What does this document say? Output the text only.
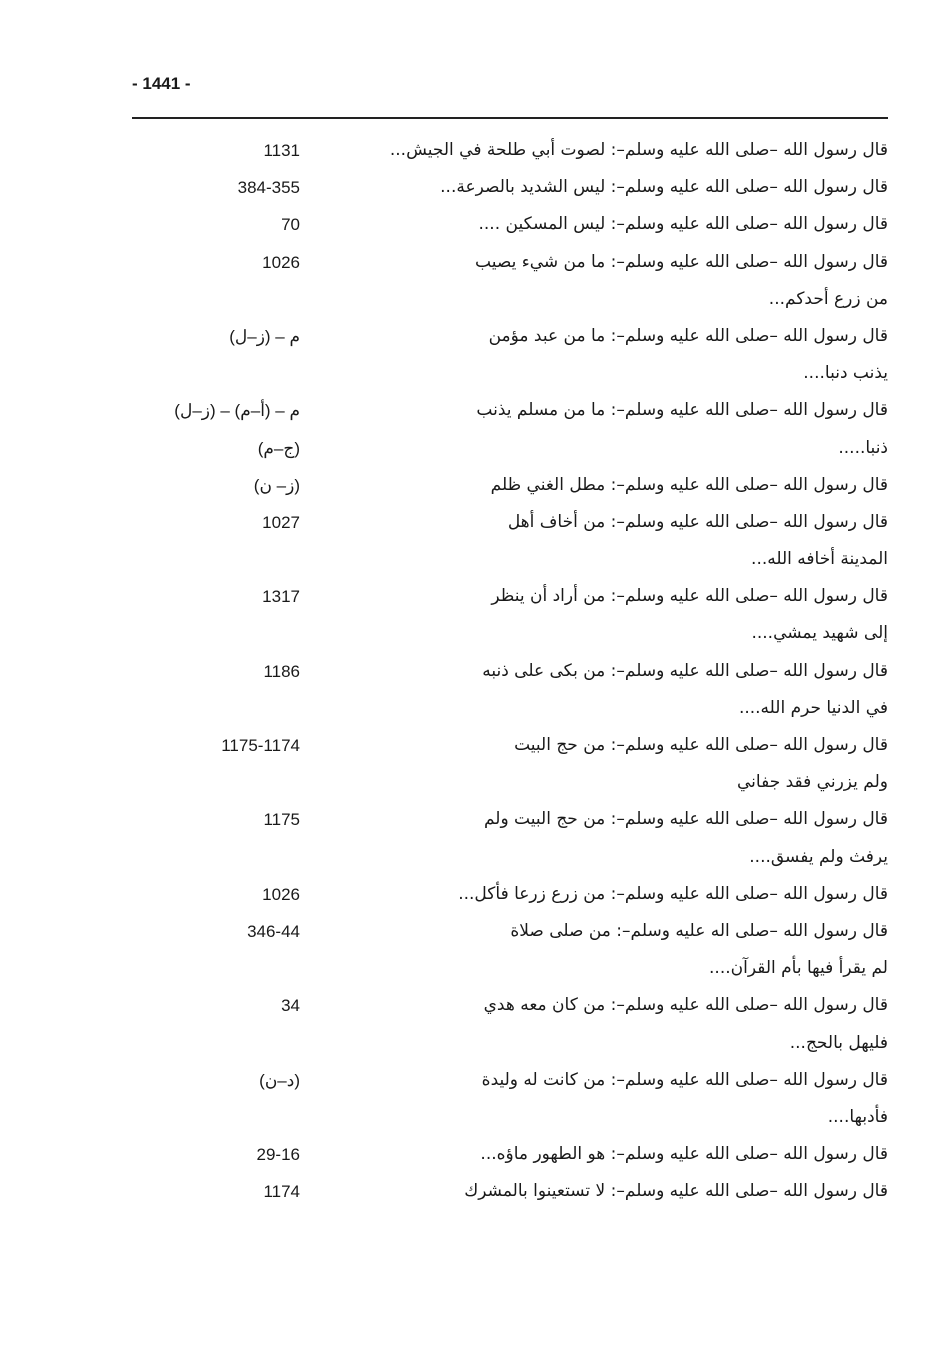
- 1441 -
قال رسول الله –صلى الله عليه وسلم–: لصوت أبي طلحة في الجيش...
1131
قال رسول الله –صلى الله عليه وسلم–: ليس الشديد بالصرعة...
384-355
قال رسول الله –صلى الله عليه وسلم–: ليس المسكين ....
70
قال رسول الله –صلى الله عليه وسلم–: ما من شيء يصيب
1026
من زرع أحدكم...
قال رسول الله –صلى الله عليه وسلم–: ما من عبد مؤمن
(ز–ل) – م
يذنب دنبا....
قال رسول الله –صلى الله عليه وسلم–: ما من مسلم يذنب
(ز–ل) – م – (أ–م)
ذنبا.....
(ج–م)
قال رسول الله –صلى الله عليه وسلم–: مطل الغني ظلم
(ز– ن)
قال رسول الله –صلى الله عليه وسلم–: من أخاف أهل
1027
المدينة أخافه الله...
قال رسول الله –صلى الله عليه وسلم–: من أراد أن ينظر
1317
إلى شهيد يمشي....
قال رسول الله –صلى الله عليه وسلم–: من بكى على ذنبه
1186
في الدنيا حرم الله....
قال رسول الله –صلى الله عليه وسلم–: من حج البيت
1175-1174
ولم يزرني فقد جفاني
قال رسول الله –صلى الله عليه وسلم–: من حج البيت ولم
1175
يرفث ولم يفسق....
قال رسول الله –صلى الله عليه وسلم–: من زرع زرعا فأكل...
1026
قال رسول الله –صلى اله عليه وسلم–: من صلى صلاة
346-44
لم يقرأ فيها بأم القرآن....
قال رسول الله –صلى الله عليه وسلم–: من كان معه هدي
34
فليهل بالحج...
قال رسول الله –صلى الله عليه وسلم–: من كانت له وليدة
(د–ن)
فأدبها....
قال رسول الله –صلى الله عليه وسلم–: هو الطهور ماؤه...
29-16
قال رسول الله –صلى الله عليه وسلم–: لا تستعينوا بالمشرك
1174
